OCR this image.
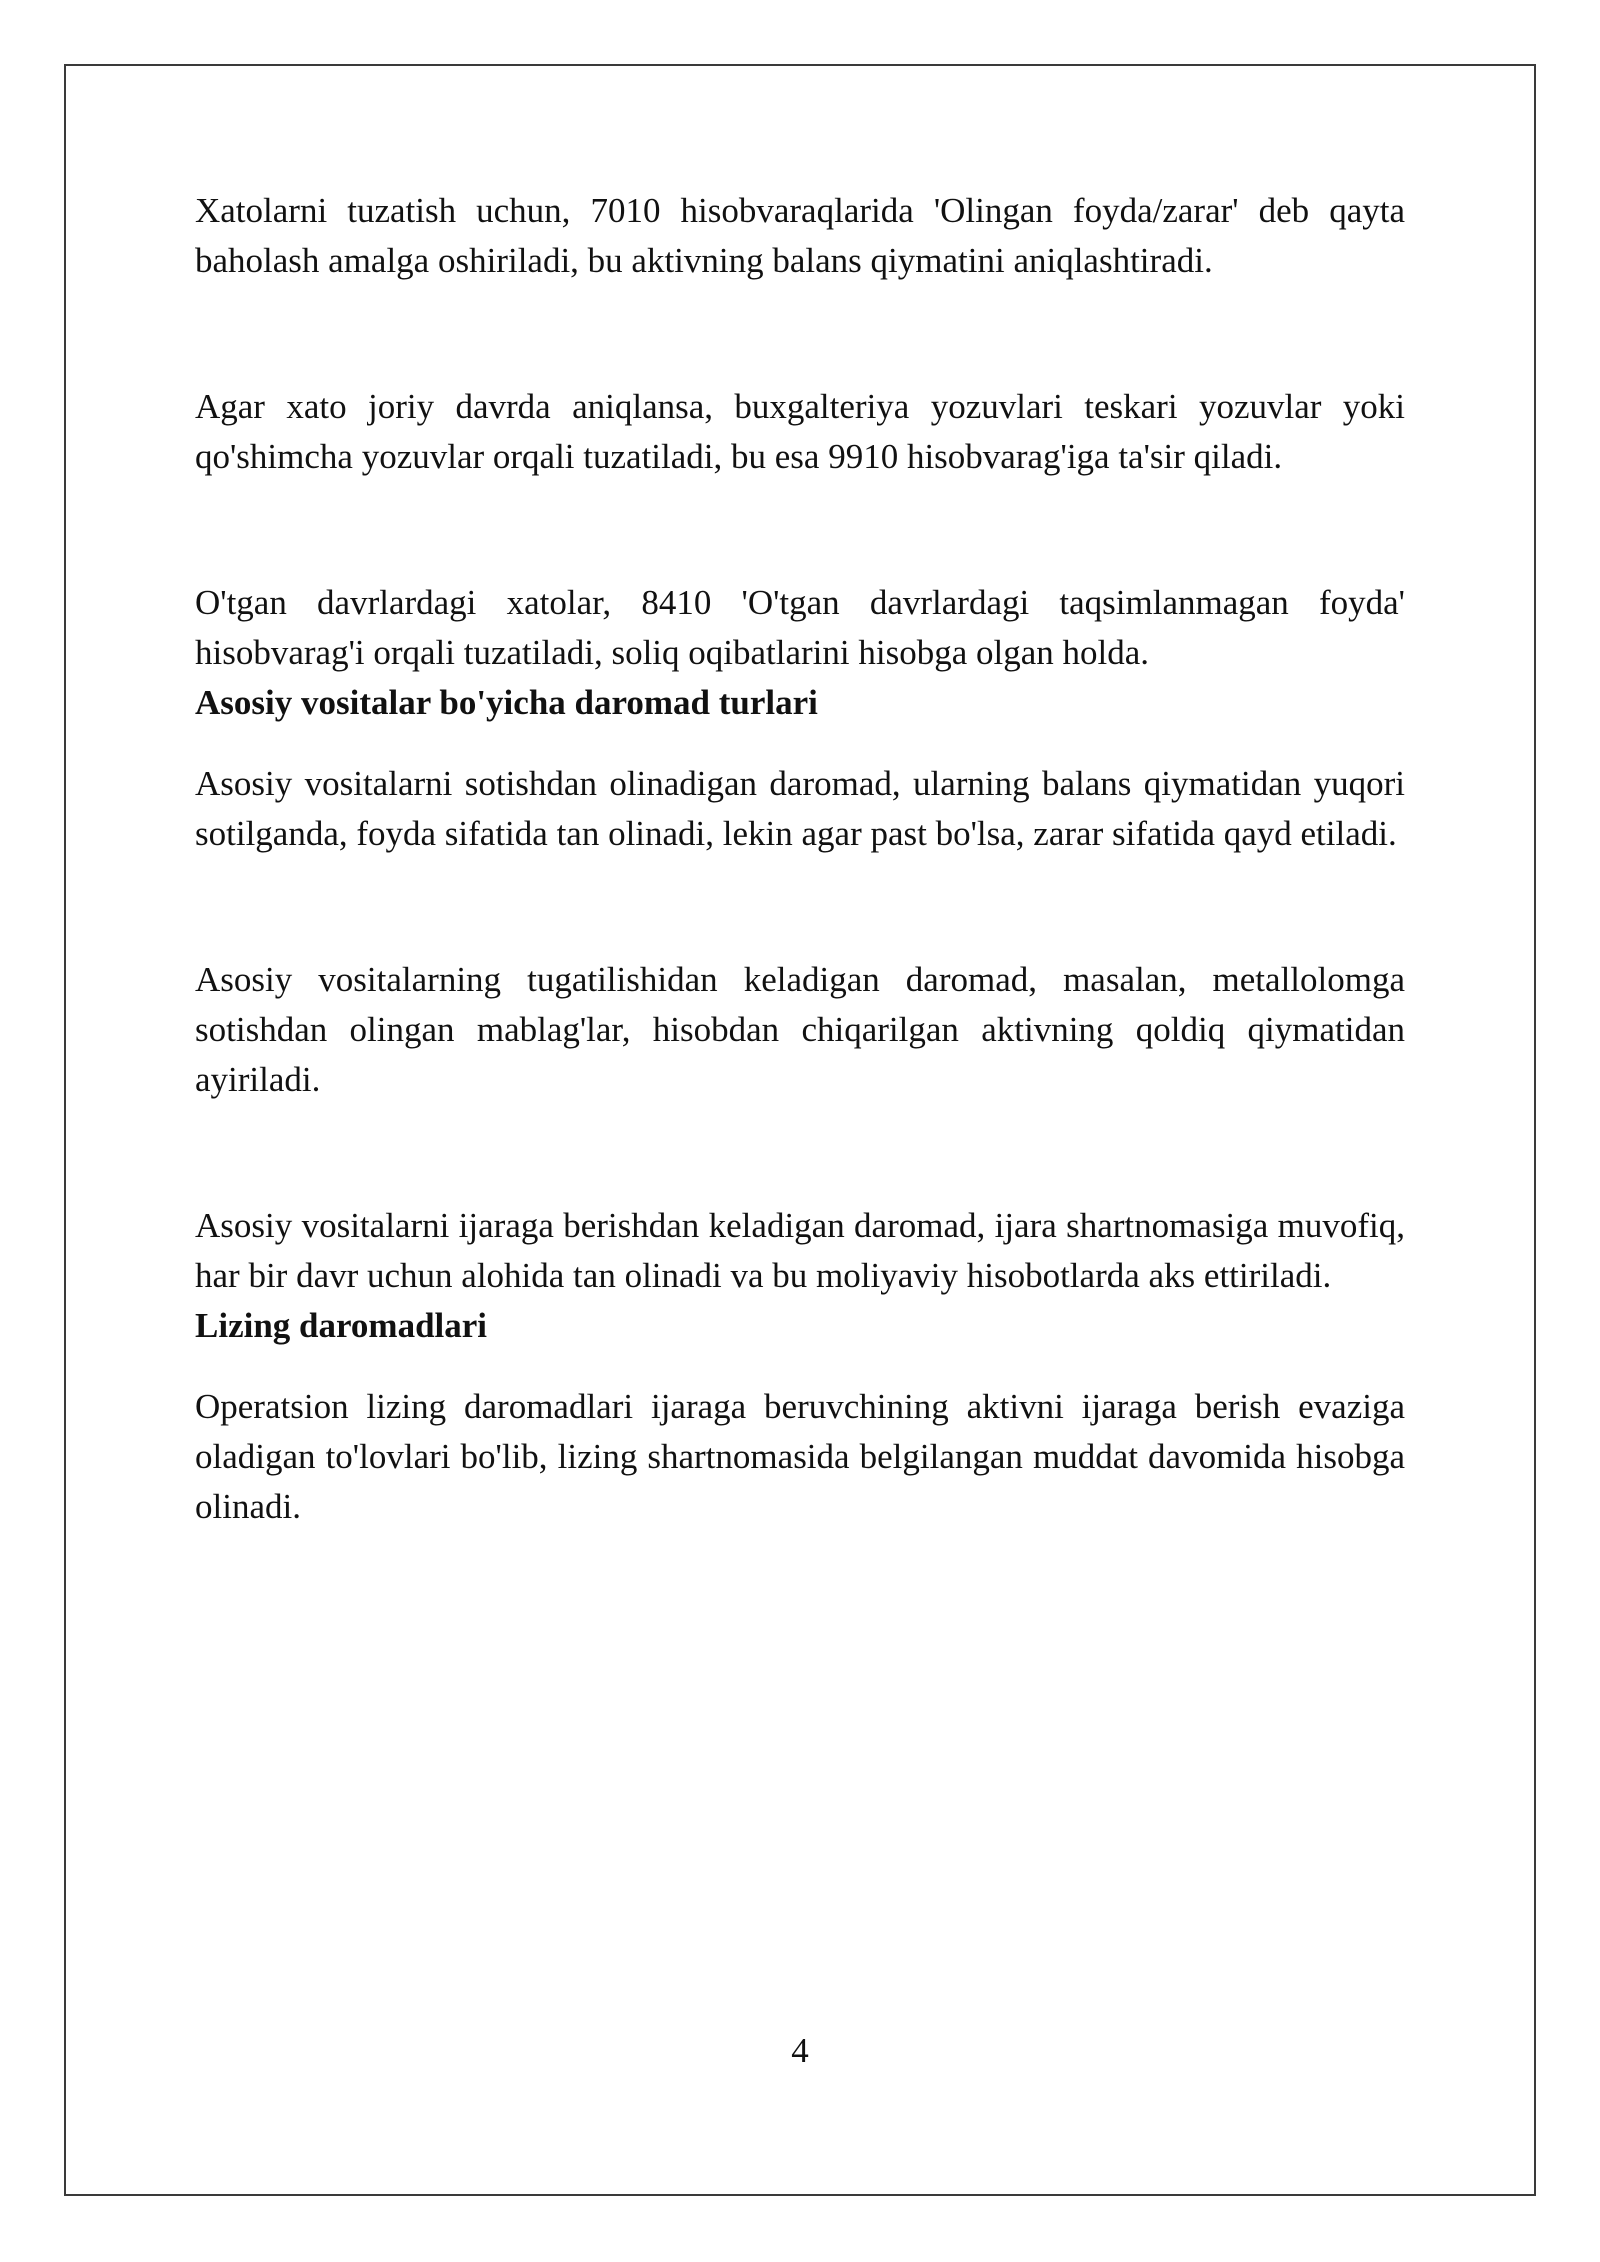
Xatolarni tuzatish uchun, 7010 hisobvaraqlarida 'Olingan foyda/zarar' deb qayta baholash amalga oshiriladi, bu aktivning balans qiymatini aniqlashtiradi.

Agar xato joriy davrda aniqlansa, buxgalteriya yozuvlari teskari yozuvlar yoki qo'shimcha yozuvlar orqali tuzatiladi, bu esa 9910 hisobvarag'iga ta'sir qiladi.

O'tgan davrlardagi xatolar, 8410 'O'tgan davrlardagi taqsimlanmagan foyda' hisobvarag'i orqali tuzatiladi, soliq oqibatlarini hisobga olgan holda.

Asosiy vositalar bo'yicha daromad turlari

Asosiy vositalarni sotishdan olinadigan daromad, ularning balans qiymatidan yuqori sotilganda, foyda sifatida tan olinadi, lekin agar past bo'lsa, zarar sifatida qayd etiladi.

Asosiy vositalarning tugatilishidan keladigan daromad, masalan, metallolomga sotishdan olingan mablag'lar, hisobdan chiqarilgan aktivning qoldiq qiymatidan ayiriladi.

Asosiy vositalarni ijaraga berishdan keladigan daromad, ijara shartnomasiga muvofiq, har bir davr uchun alohida tan olinadi va bu moliyaviy hisobotlarda aks ettiriladi.

Lizing daromadlari

Operatsion lizing daromadlari ijaraga beruvchining aktivni ijaraga berish evaziga oladigan to'lovlari bo'lib, lizing shartnomasida belgilangan muddat davomida hisobga olinadi.

4
